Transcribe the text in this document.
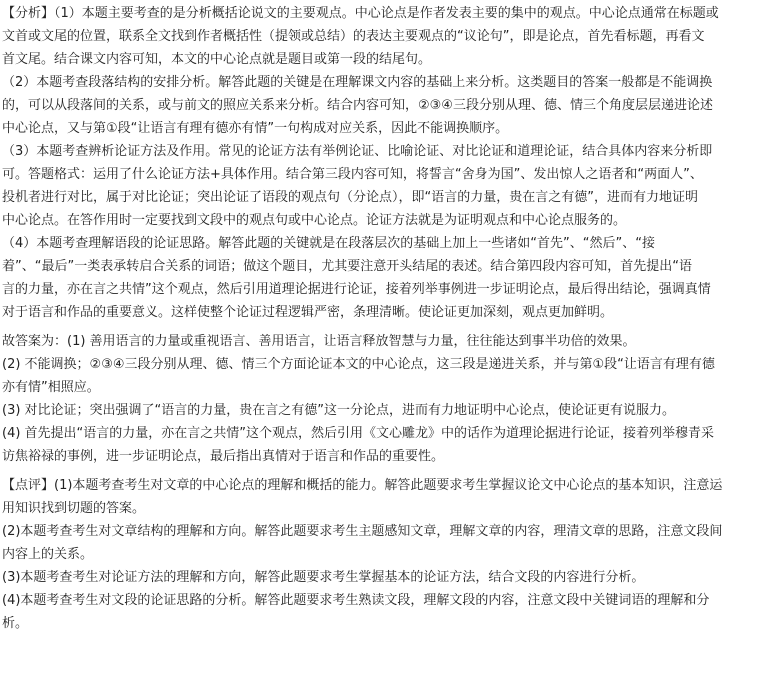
【分析】（1）本题主要考查的是分析概括论说文的主要观点。中心论点是作者发表主要的集中的观点。中心论点通常在标题或
文首或文尾的位置，联系全文找到作者概括性（提领或总结）的表达主要观点的“议论句”，即是论点，首先看标题，再看文
首文尾。结合课文内容可知，本文的中心论点就是题目或第一段的结尾句。
（2）本题考查段落结构的安排分析。解答此题的关键是在理解课文内容的基础上来分析。这类题目的答案一般都是不能调换
的，可以从段落间的关系，或与前文的照应关系来分析。结合内容可知，②③④三段分别从理、德、情三个角度层层递进论述
中心论点，又与第①段“让语言有理有德亦有情”一句构成对应关系，因此不能调换顺序。
（3）本题考查辨析论证方法及作用。常见的论证方法有举例论证、比喻论证、对比论证和道理论证，结合具体内容来分析即
可。答题格式：运用了什么论证方法+具体作用。结合第三段内容可知，将誓言“舍身为国”、发出惊人之语者和“两面人”、
投机者进行对比，属于对比论证；突出论证了语段的观点句（分论点），即“语言的力量，贵在言之有德”，进而有力地证明
中心论点。在答作用时一定要找到文段中的观点句或中心论点。论证方法就是为证明观点和中心论点服务的。
（4）本题考查理解语段的论证思路。解答此题的关键就是在段落层次的基础上加上一些诸如“首先”、“然后”、“接
着”、“最后”一类表承转启合关系的词语；做这个题目，尤其要注意开头结尾的表述。结合第四段内容可知，首先提出“语
言的力量，亦在言之共情”这个观点，然后引用道理论据进行论证，接着列举事例进一步证明论点，最后得出结论，强调真情
对于语言和作品的重要意义。这样使整个论证过程逻辑严密，条理清晰。使论证更加深刻，观点更加鲜明。
故答案为：(1) 善用语言的力量或重视语言、善用语言，让语言释放智慧与力量，往往能达到事半功倍的效果。
(2) 不能调换；②③④三段分别从理、德、情三个方面论证本文的中心论点，这三段是递进关系，并与第①段“让语言有理有德
亦有情”相照应。
(3) 对比论证；突出强调了“语言的力量，贵在言之有德”这一分论点，进而有力地证明中心论点，使论证更有说服力。
(4) 首先提出“语言的力量，亦在言之共情”这个观点，然后引用《文心雕龙》中的话作为道理论据进行论证，接着列举穆青采
访焦裕禄的事例，进一步证明论点，最后指出真情对于语言和作品的重要性。
【点评】(1)本题考查考生对文章的中心论点的理解和概括的能力。解答此题要求考生掌握议论文中心论点的基本知识，注意运
用知识找到切题的答案。
(2)本题考查考生对文章结构的理解和方向。解答此题要求考生主题感知文章，理解文章的内容，理清文章的思路，注意文段间
内容上的关系。
(3)本题考查考生对论证方法的理解和方向，解答此题要求考生掌握基本的论证方法，结合文段的内容进行分析。
(4)本题考查考生对文段的论证思路的分析。解答此题要求考生熟读文段，理解文段的内容，注意文段中关键词语的理解和分
析。
